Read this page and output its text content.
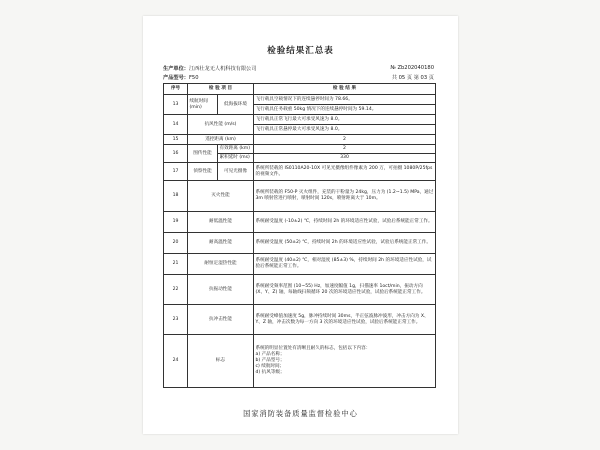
检验结果汇总表
生产单位：江西壮龙无人机科技有限公司	№ Zb202040180
产品型号：F50	共 05 页 第 03 页
序号	检 验 项 目		检 验 结 果
13	续航时间(min)	低海拔环境	飞行载具空载情况下的连续悬停时间为 78.66。
			飞行载具任务载重 50kg 情况下的连续悬停时间为 59.14。
14	抗风性能 (m/s)		飞行载具正常飞行最大可承受风速为 8.0。
			飞行载具正常悬停最大可承受风速为 8.0。
15	遥控距离 (km)		2
16	图传性能	有效距离 (km)	2
		累积延时 (ms)	330
17	侦察性能	可见光摄像	系统所装载的 IS0110A20-10X 可见光摄像组件像素为 200 万，可拍摄 1080P/25fps 的视频文件。
18	灭火性能		系统所装载的 F50-P 灭火组件，充装的干粉量为 24kg，压力为 (1.2~1.5) MPa，通过 3m 喷射管进行喷射，喷射时间 120s，喷射距离大于 10m。
19	耐低温性能		系统耐受温度 (-10±2) ℃，持续时间 2h 的环境适应性试验，试验后系统能正常工作。
20	耐高温性能		系统耐受温度 (50±2) ℃，持续时间 2h 的环境适应性试验，试验后系统能正常工作。
21	耐恒定湿热性能		系统耐受温度 (40±2) ℃，相对湿度 (85±3) %，持续时间 2h 的环境适应性试验，试验后系统能正常工作。
22	抗振动性能		系统耐受频率范围 (10~55) Hz，加速度幅值 1g，扫描速率 1oct/min，振动方向 (X、Y、Z) 轴，每轴线扫频循环 20 次的环境适应性试验，试验后系统能正常工作。
23	抗冲击性能		系统耐受峰值加速度 5g，脉冲持续时间 30ms，半正弦波脉冲波形，冲击方向为 X、Y、Z 轴，冲击次数为每一方向 3 次的环境适应性试验，试验后系统能正常工作。
24	标志		系统的明显位置处有清晰且耐久的标志，包括以下内容：
a) 产品名称；
b) 产品型号；
c) 续航时间；
d) 抗风等级；
国家消防装备质量监督检验中心
